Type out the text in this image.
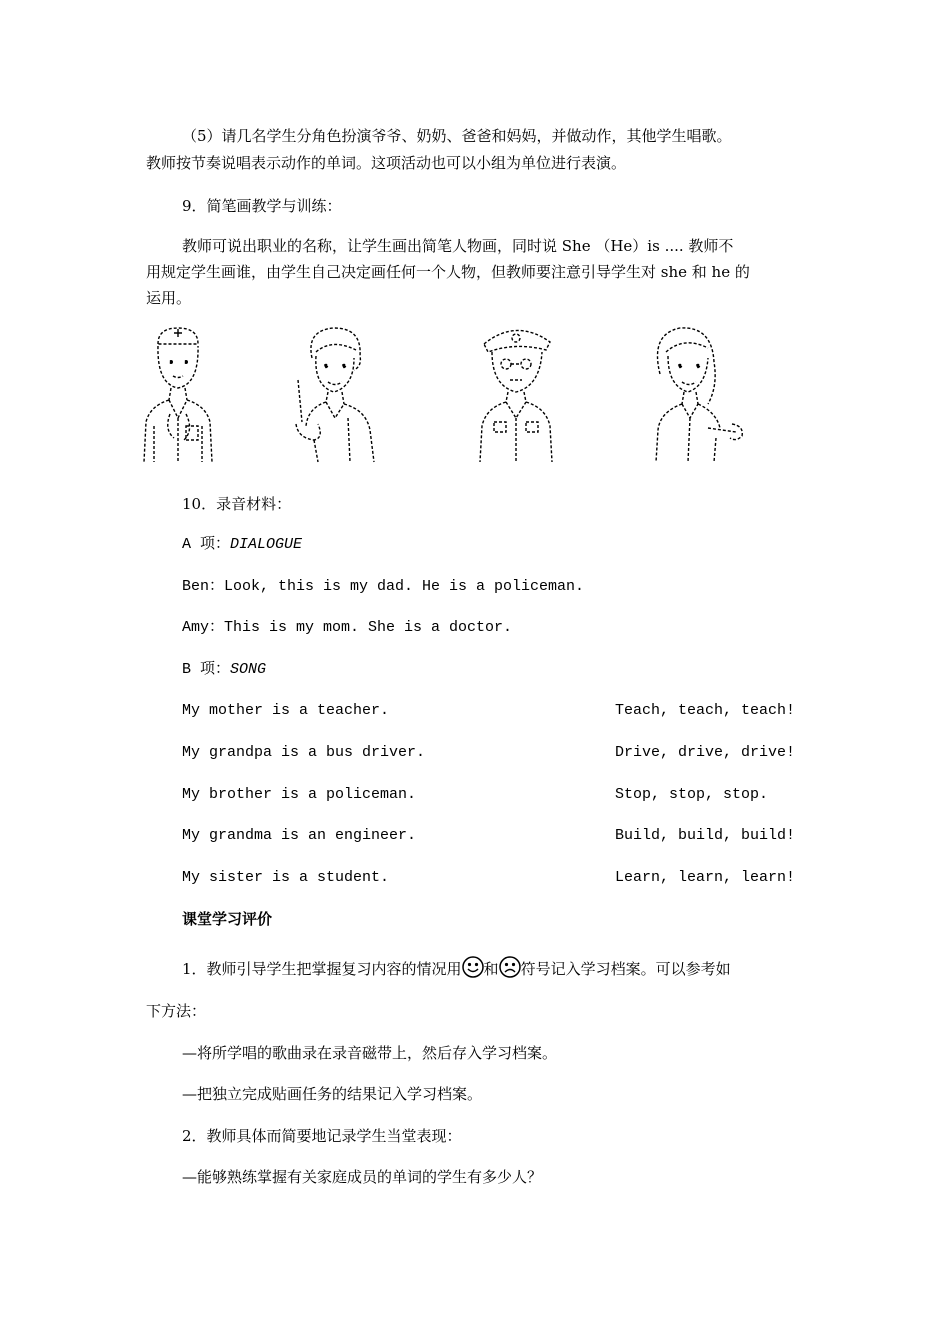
（5）请几名学生分角色扮演爷爷、奶奶、爸爸和妈妈，并做动作，其他学生唱歌。
教师按节奏说唱表示动作的单词。这项活动也可以小组为单位进行表演。
9．简笔画教学与训练：
教师可说出职业的名称，让学生画出简笔人物画，同时说 She （He）is .... 教师不
用规定学生画谁，由学生自己决定画任何一个人物，但教师要注意引导学生对 she 和 he 的
运用。
10．录音材料：
A 项：DIALOGUE
Ben：Look, this is my dad. He is a policeman.
Amy：This is my mom. She is a doctor.
B 项：SONG
My mother is a teacher.	Teach, teach, teach!
My grandpa is a bus driver.	Drive, drive, drive!
My brother is a policeman.	Stop, stop, stop.
My grandma is an engineer.	Build, build, build!
My sister is a student.	Learn, learn, learn!
课堂学习评价
1．教师引导学生把掌握复习内容的情况用 和 符号记入学习档案。可以参考如
下方法：
—将所学唱的歌曲录在录音磁带上，然后存入学习档案。
—把独立完成贴画任务的结果记入学习档案。
2．教师具体而简要地记录学生当堂表现：
—能够熟练掌握有关家庭成员的单词的学生有多少人？
